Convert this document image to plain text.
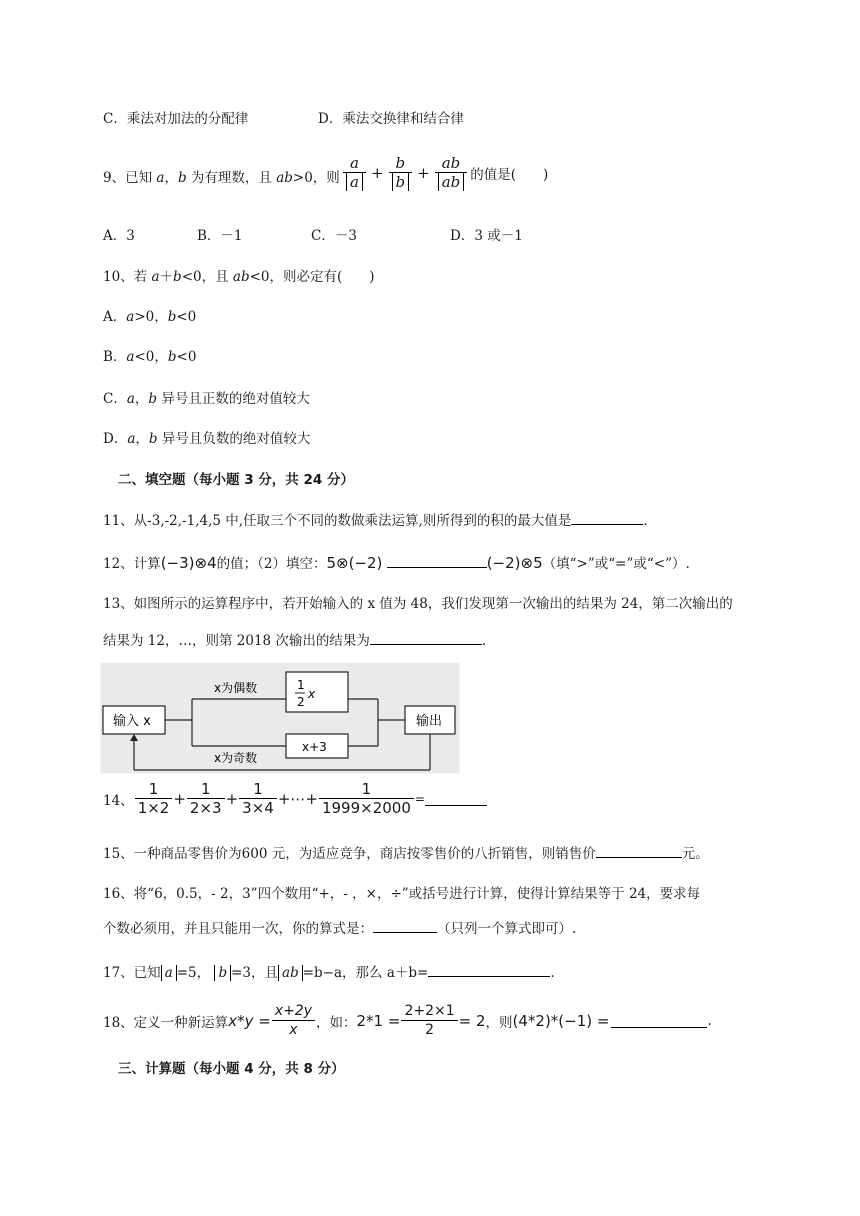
C．乘法对加法的分配律	D．乘法交换律和结合律
9、已知 a，b 为有理数，且 ab>0，则 $\frac{a}{a} + \frac{b}{b} + \frac{ab}{ab}$ 的值是(　　)
A．3	B．－1	C．－3	D．3 或－1
10、若 a＋b<0，且 ab<0，则必定有(　　)
A．a>0，b<0
B．a<0，b<0
C．a，b 异号且正数的绝对值较大
D．a，b 异号且负数的绝对值较大
二、填空题（每小题 3 分，共 24 分）
11、从-3,-2,-1,4,5 中,任取三个不同的数做乘法运算,则所得到的积的最大值是	.
12、计算(−3)⊗4的值；（2）填空：5⊗(−2)	(−2)⊗5（填“>”或“=”或“<”）.
13、如图所示的运算程序中，若开始输入的 x 值为 48，我们发现第一次输出的结果为 24，第二次输出的
结果为 12，…，则第 2018 次输出的结果为	.
输入 x
x为偶数	1
2
x
x为奇数
x+3
输出
14、 $\frac{1}{1\times 2} + \frac{1}{2\times 3} + \frac{1}{3\times 4}$ +⋯+ $\frac{1}{1999\times 2000}$ =
15、一种商品零售价为600 元，为适应竞争，商店按零售价的八折销售，则销售价	元。
16、将“6，0.5，- 2，3”四个数用“+，- ，×，÷”或括号进行计算，使得计算结果等于 24，要求每
个数必须用，并且只能用一次，你的算式是：	（只列一个算式即可）.
17、已知 a =5， b =3，且 ab =b−a，那么 a＋b=	.
18、定义一种新运算 $x*y = \frac{x+2y}{x}$ ，如： $2*1 = \frac{2+2\times 1}{2} = 2$ ，则 (4*2)*(−1) =	.
三、计算题（每小题 4 分，共 8 分）
